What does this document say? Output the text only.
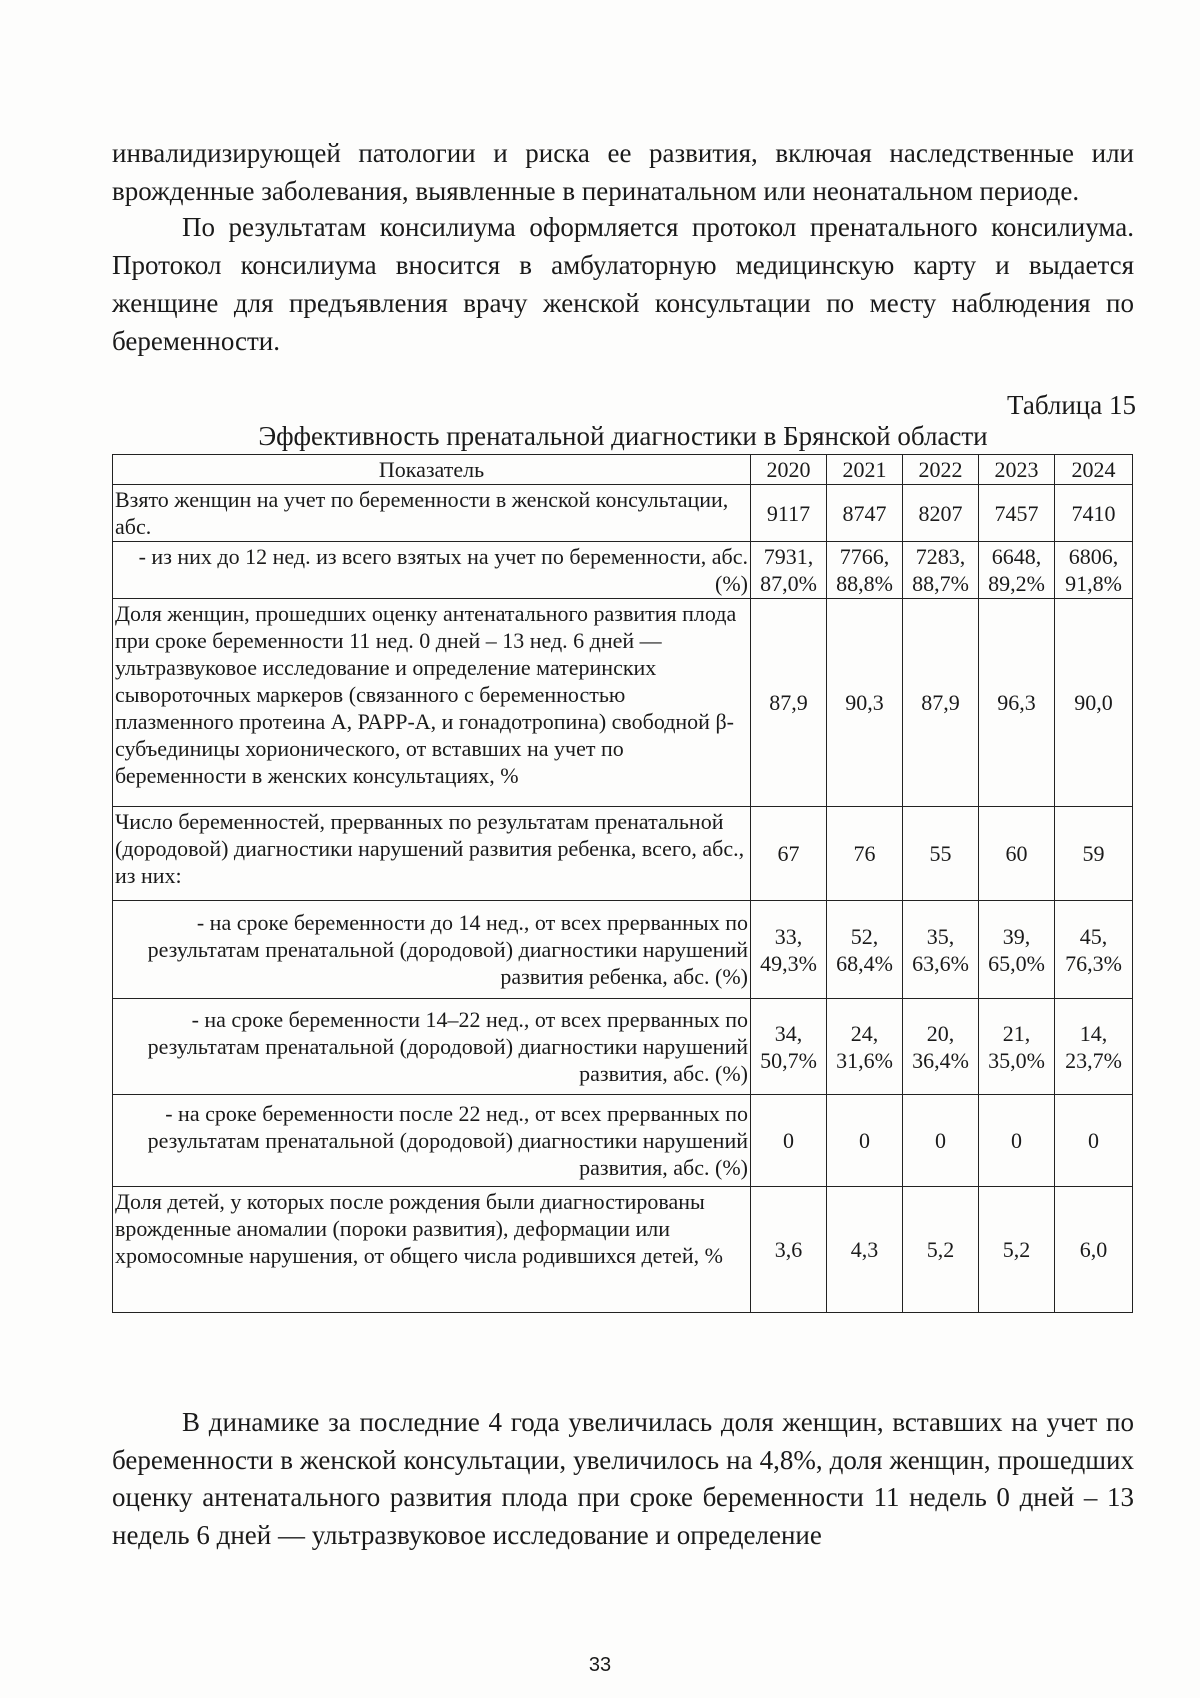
инвалидизирующей патологии и риска ее развития, включая наследственные или врожденные заболевания, выявленные в перинатальном или неонатальном периоде.

По результатам консилиума оформляется протокол пренатального консилиума. Протокол консилиума вносится в амбулаторную медицинскую карту и выдается женщине для предъявления врачу женской консультации по месту наблюдения по беременности.

Таблица 15
Эффективность пренатальной диагностики в Брянской области
Показатель	2020	2021	2022	2023	2024
Взято женщин на учет по беременности в женской консультации, абс.	9117	8747	8207	7457	7410
- из них до 12 нед. из всего взятых на учет по беременности, абс. (%)	7931, 87,0%	7766, 88,8%	7283, 88,7%	6648, 89,2%	6806, 91,8%
Доля женщин, прошедших оценку антенатального развития плода при сроке беременности 11 нед. 0 дней – 13 нед. 6 дней — ультразвуковое исследование и определение материнских сывороточных маркеров (связанного с беременностью плазменного протеина А, РАРР-А, и гонадотропина) свободной β-субъединицы хорионического, от вставших на учет по беременности в женских консультациях, %	87,9	90,3	87,9	96,3	90,0
Число беременностей, прерванных по результатам пренатальной (дородовой) диагностики нарушений развития ребенка, всего, абс., из них:	67	76	55	60	59
- на сроке беременности до 14 нед., от всех прерванных по результатам пренатальной (дородовой) диагностики нарушений развития ребенка, абс. (%)	33, 49,3%	52, 68,4%	35, 63,6%	39, 65,0%	45, 76,3%
- на сроке беременности 14–22 нед., от всех прерванных по результатам пренатальной (дородовой) диагностики нарушений развития, абс. (%)	34, 50,7%	24, 31,6%	20, 36,4%	21, 35,0%	14, 23,7%
- на сроке беременности после 22 нед., от всех прерванных по результатам пренатальной (дородовой) диагностики нарушений развития, абс. (%)	0	0	0	0	0
Доля детей, у которых после рождения были диагностированы врожденные аномалии (пороки развития), деформации или хромосомные нарушения, от общего числа родившихся детей, %	3,6	4,3	5,2	5,2	6,0

В динамике за последние 4 года увеличилась доля женщин, вставших на учет по беременности в женской консультации, увеличилось на 4,8%, доля женщин, прошедших оценку антенатального развития плода при сроке беременности 11 недель 0 дней – 13 недель 6 дней — ультразвуковое исследование и определение

33
